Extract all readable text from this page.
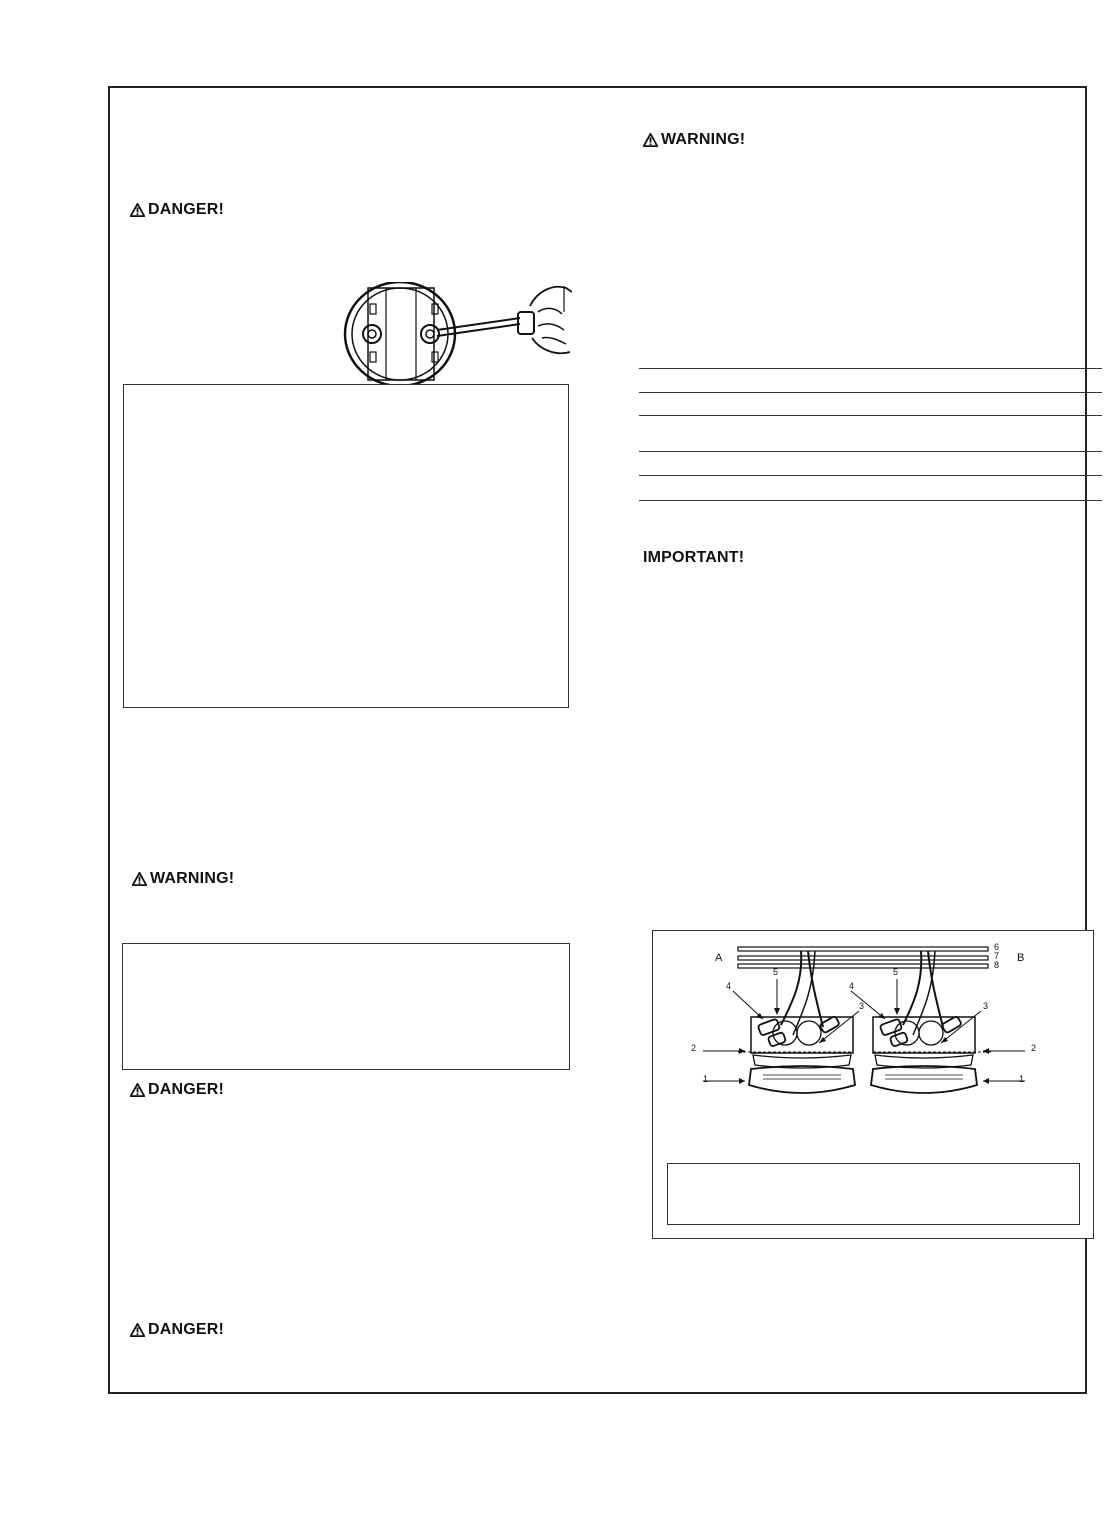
DANGER!
WARNING!
DANGER!
DANGER!
WARNING!
IMPORTANT!
A	B
6
7
8
5	5
4	4
3	3
2	2
1	1
